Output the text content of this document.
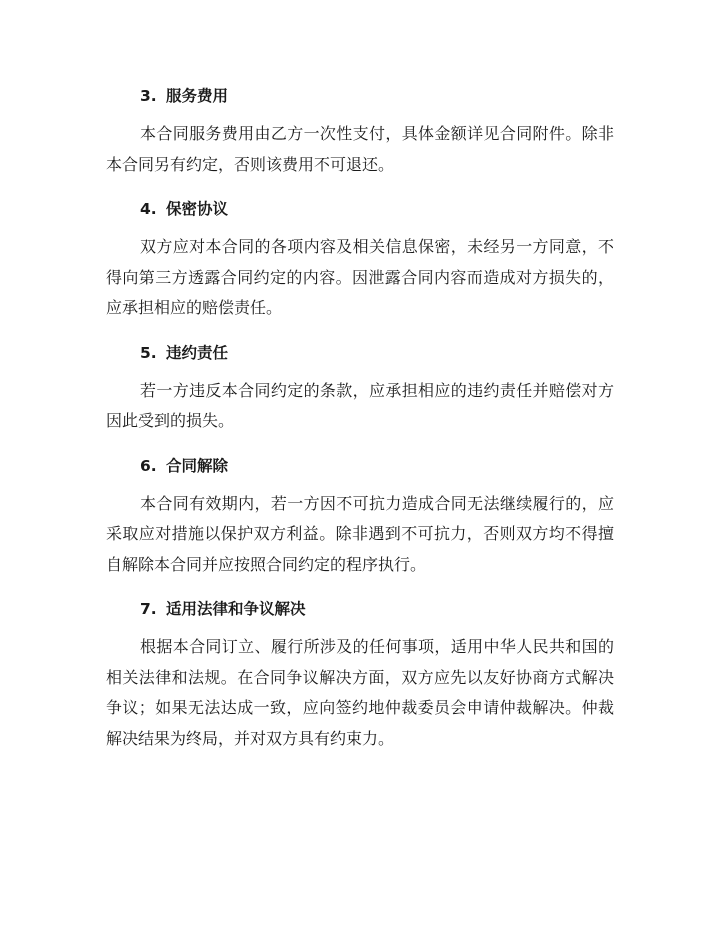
3. 服务费用

本合同服务费用由乙方一次性支付，具体金额详见合同附件。除非本合同另有约定，否则该费用不可退还。

4. 保密协议

双方应对本合同的各项内容及相关信息保密，未经另一方同意，不得向第三方透露合同约定的内容。因泄露合同内容而造成对方损失的，应承担相应的赔偿责任。

5. 违约责任

若一方违反本合同约定的条款，应承担相应的违约责任并赔偿对方因此受到的损失。

6. 合同解除

本合同有效期内，若一方因不可抗力造成合同无法继续履行的，应采取应对措施以保护双方利益。除非遇到不可抗力，否则双方均不得擅自解除本合同并应按照合同约定的程序执行。

7. 适用法律和争议解决

根据本合同订立、履行所涉及的任何事项，适用中华人民共和国的相关法律和法规。在合同争议解决方面，双方应先以友好协商方式解决争议；如果无法达成一致，应向签约地仲裁委员会申请仲裁解决。仲裁解决结果为终局，并对双方具有约束力。
